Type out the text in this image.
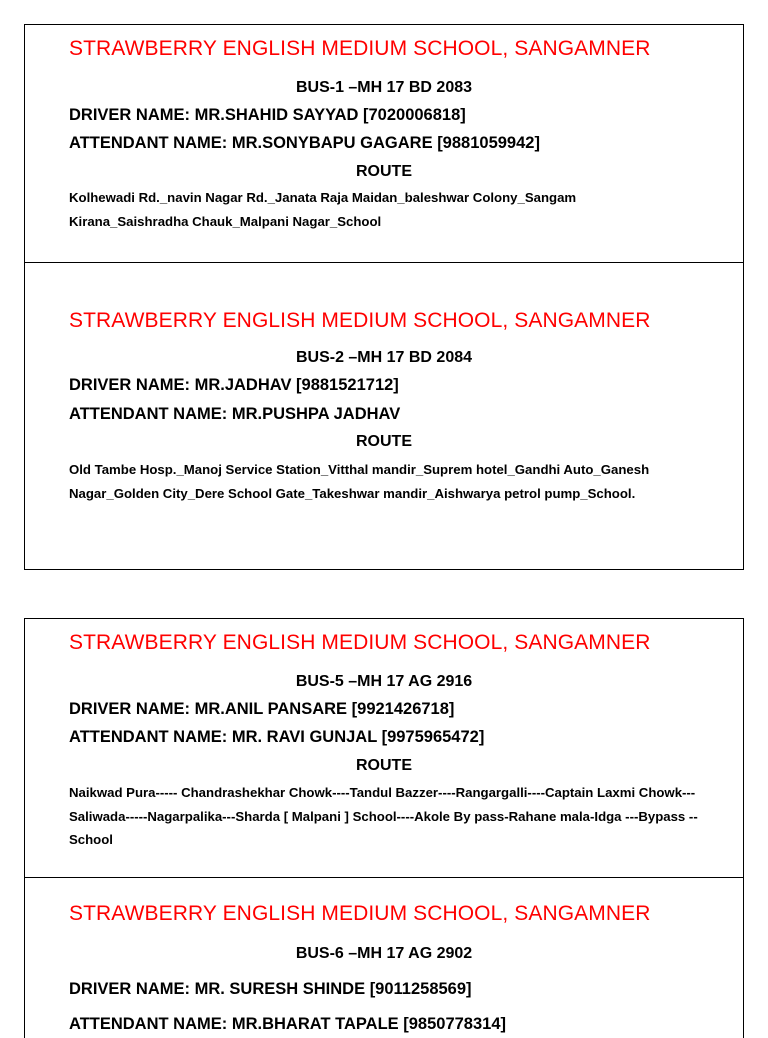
STRAWBERRY ENGLISH MEDIUM SCHOOL, SANGAMNER
BUS-1 –MH 17 BD 2083
DRIVER NAME: MR.SHAHID SAYYAD [7020006818]
ATTENDANT NAME: MR.SONYBAPU GAGARE [9881059942]
ROUTE
Kolhewadi Rd._navin Nagar Rd._Janata Raja Maidan_baleshwar Colony_Sangam Kirana_Saishradha Chauk_Malpani Nagar_School
STRAWBERRY ENGLISH MEDIUM SCHOOL, SANGAMNER
BUS-2 –MH 17 BD 2084
DRIVER NAME: MR.JADHAV [9881521712]
ATTENDANT NAME: MR.PUSHPA JADHAV
ROUTE
Old Tambe Hosp._Manoj Service Station_Vitthal mandir_Suprem hotel_Gandhi Auto_Ganesh Nagar_Golden City_Dere School Gate_Takeshwar mandir_Aishwarya petrol pump_School.
STRAWBERRY ENGLISH MEDIUM SCHOOL, SANGAMNER
BUS-5 –MH 17 AG 2916
DRIVER NAME: MR.ANIL PANSARE [9921426718]
ATTENDANT NAME: MR. RAVI GUNJAL [9975965472]
ROUTE
Naikwad Pura----- Chandrashekhar Chowk----Tandul Bazzer----Rangargalli----Captain Laxmi Chowk---Saliwada-----Nagarpalika---Sharda [ Malpani ] School----Akole By pass-Rahane mala-Idga ---Bypass --School
STRAWBERRY ENGLISH MEDIUM SCHOOL, SANGAMNER
BUS-6 –MH 17 AG 2902
DRIVER NAME: MR. SURESH SHINDE [9011258569]
ATTENDANT NAME: MR.BHARAT TAPALE [9850778314]
